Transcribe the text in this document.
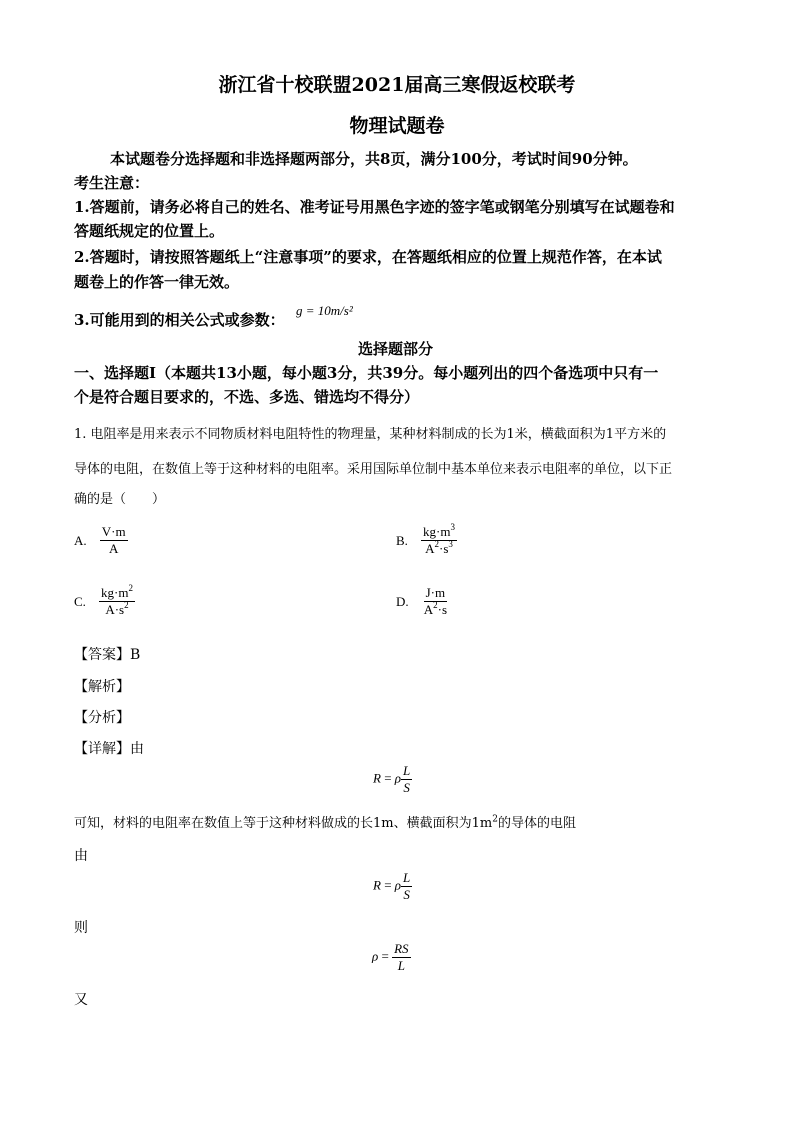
浙江省十校联盟2021届高三寒假返校联考
物理试题卷
本试题卷分选择题和非选择题两部分，共8页，满分100分，考试时间90分钟。
考生注意：
1.答题前，请务必将自己的姓名、准考证号用黑色字迹的签字笔或钢笔分别填写在试题卷和
答题纸规定的位置上。
2.答题时，请按照答题纸上“注意事项”的要求，在答题纸相应的位置上规范作答，在本试
题卷上的作答一律无效。
3.可能用到的相关公式或参数：
g = 10m/s²
选择题部分
一、选择题Ⅰ（本题共13小题，每小题3分，共39分。每小题列出的四个备选项中只有一
个是符合题目要求的，不选、多选、错选均不得分）
1. 电阻率是用来表示不同物质材料电阻特性的物理量，某种材料制成的长为1米，横截面积为1平方米的
导体的电阻，在数值上等于这种材料的电阻率。采用国际单位制中基本单位来表示电阻率的单位，以下正
确的是（　　）
A. $\frac{V\cdot m}{A}$	B. $\frac{kg\cdot m^3}{A^2\cdot s^3}$
C. $\frac{kg\cdot m^2}{A\cdot s^2}$	D. $\frac{J\cdot m}{A^2\cdot s}$
【答案】B
【解析】
【分析】
【详解】由
R = ρ $\frac{L}{S}$
可知，材料的电阻率在数值上等于这种材料做成的长1m、横截面积为$1m^2$的导体的电阻
由
R = ρ $\frac{L}{S}$
则
$\rho = \frac{RS}{L}$
又
